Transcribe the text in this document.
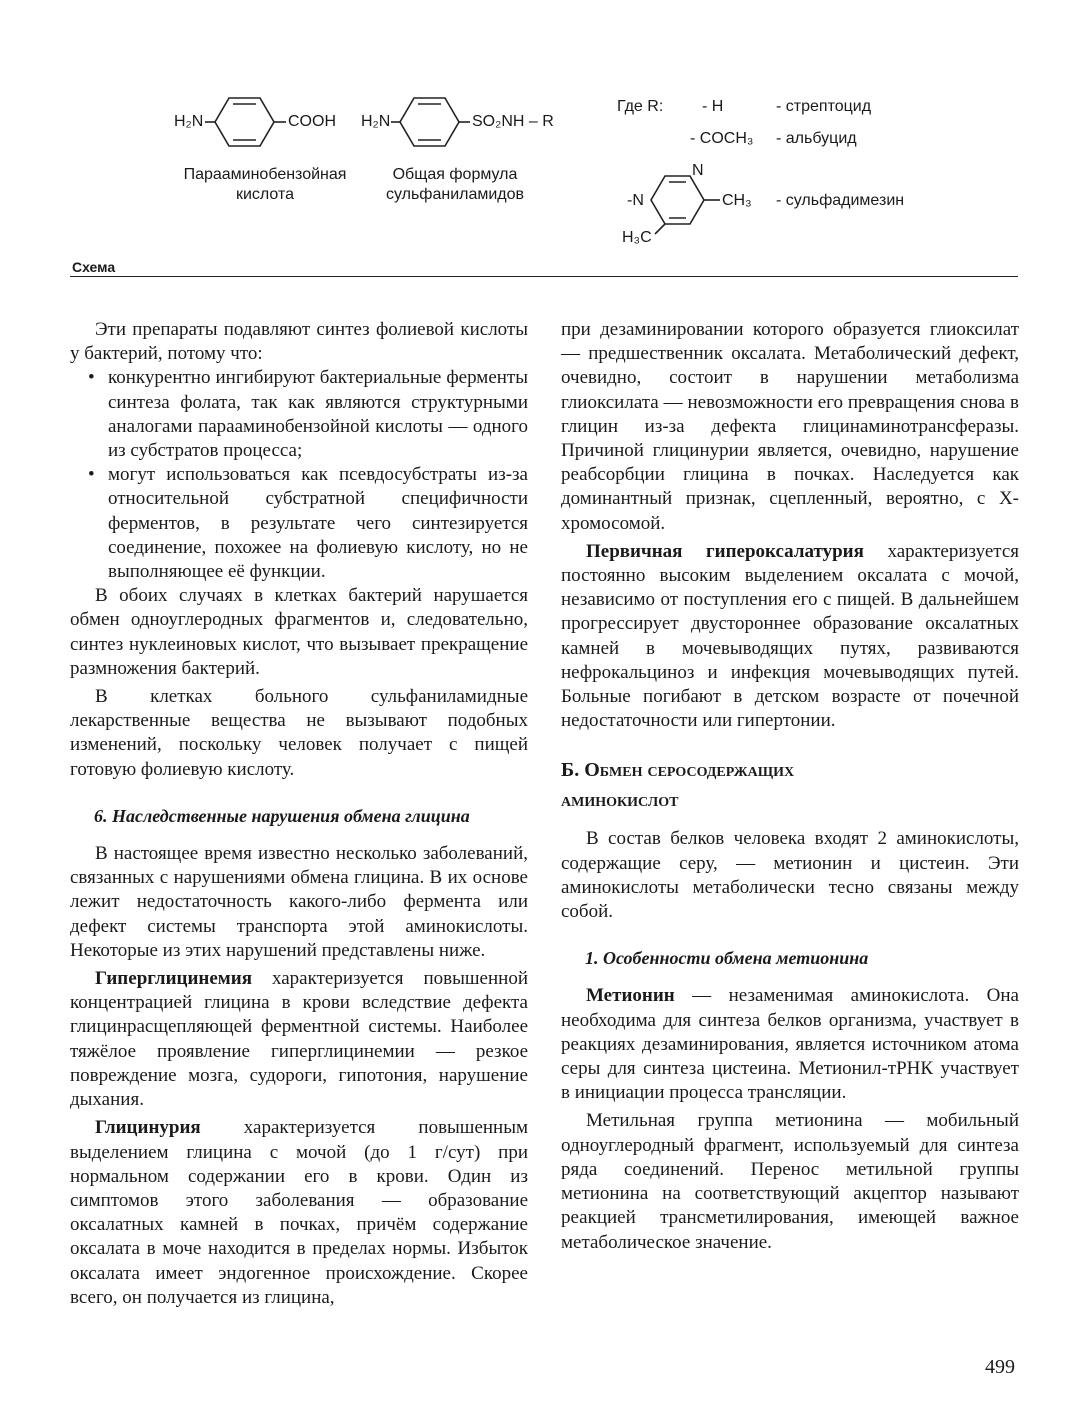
H₂N	COOH
Парааминобензойная
кислота
H₂N	SO₂NH – R
Общая формула
сульфаниламидов
Где R: - H	- стрептоцид
- COCH₃ - альбуцид
N
-N	CH₃ - сульфадимезин
H₃C
Схема

Эти препараты подавляют синтез фолиевой кислоты у бактерий, потому что:

• конкурентно ингибируют бактериальные ферменты синтеза фолата, так как являются структурными аналогами парааминобензойной кислоты — одного из субстратов процесса;
• могут использоваться как псевдосубстраты из-за относительной субстратной специфичности ферментов, в результате чего синтезируется соединение, похожее на фолиевую кислоту, но не выполняющее её функции.

В обоих случаях в клетках бактерий нарушается обмен одноуглеродных фрагментов и, следовательно, синтез нуклеиновых кислот, что вызывает прекращение размножения бактерий.

В клетках больного сульфаниламидные лекарственные вещества не вызывают подобных изменений, поскольку человек получает с пищей готовую фолиевую кислоту.

6. Наследственные нарушения обмена глицина

В настоящее время известно несколько заболеваний, связанных с нарушениями обмена глицина. В их основе лежит недостаточность какого-либо фермента или дефект системы транспорта этой аминокислоты. Некоторые из этих нарушений представлены ниже.

Гиперглицинемия характеризуется повышенной концентрацией глицина в крови вследствие дефекта глицинрасщепляющей ферментной системы. Наиболее тяжёлое проявление гиперглицинемии — резкое повреждение мозга, судороги, гипотония, нарушение дыхания.

Глицинурия характеризуется повышенным выделением глицина с мочой (до 1 г/сут) при нормальном содержании его в крови. Один из симптомов этого заболевания — образование оксалатных камней в почках, причём содержание оксалата в моче находится в пределах нормы. Избыток оксалата имеет эндогенное происхождение. Скорее всего, он получается из глицина,

при дезаминировании которого образуется глиоксилат — предшественник оксалата. Метаболический дефект, очевидно, состоит в нарушении метаболизма глиоксилата — невозможности его превращения снова в глицин из-за дефекта глицинаминотрансферазы. Причиной глицинурии является, очевидно, нарушение реабсорбции глицина в почках. Наследуется как доминантный признак, сцепленный, вероятно, с Х-хромосомой.

Первичная гипероксалатурия характеризуется постоянно высоким выделением оксалата с мочой, независимо от поступления его с пищей. В дальнейшем прогрессирует двустороннее образование оксалатных камней в мочевыводящих путях, развиваются нефрокальциноз и инфекция мочевыводящих путей. Больные погибают в детском возрасте от почечной недостаточности или гипертонии.

Б. Обмен серосодержащих
аминокислот

В состав белков человека входят 2 аминокислоты, содержащие серу, — метионин и цистеин. Эти аминокислоты метаболически тесно связаны между собой.

1. Особенности обмена метионина

Метионин — незаменимая аминокислота. Она необходима для синтеза белков организма, участвует в реакциях дезаминирования, является источником атома серы для синтеза цистеина. Метионил-тРНК участвует в инициации процесса трансляции.

Метильная группа метионина — мобильный одноуглеродный фрагмент, используемый для синтеза ряда соединений. Перенос метильной группы метионина на соответствующий акцептор называют реакцией трансметилирования, имеющей важное метаболическое значение.

499
